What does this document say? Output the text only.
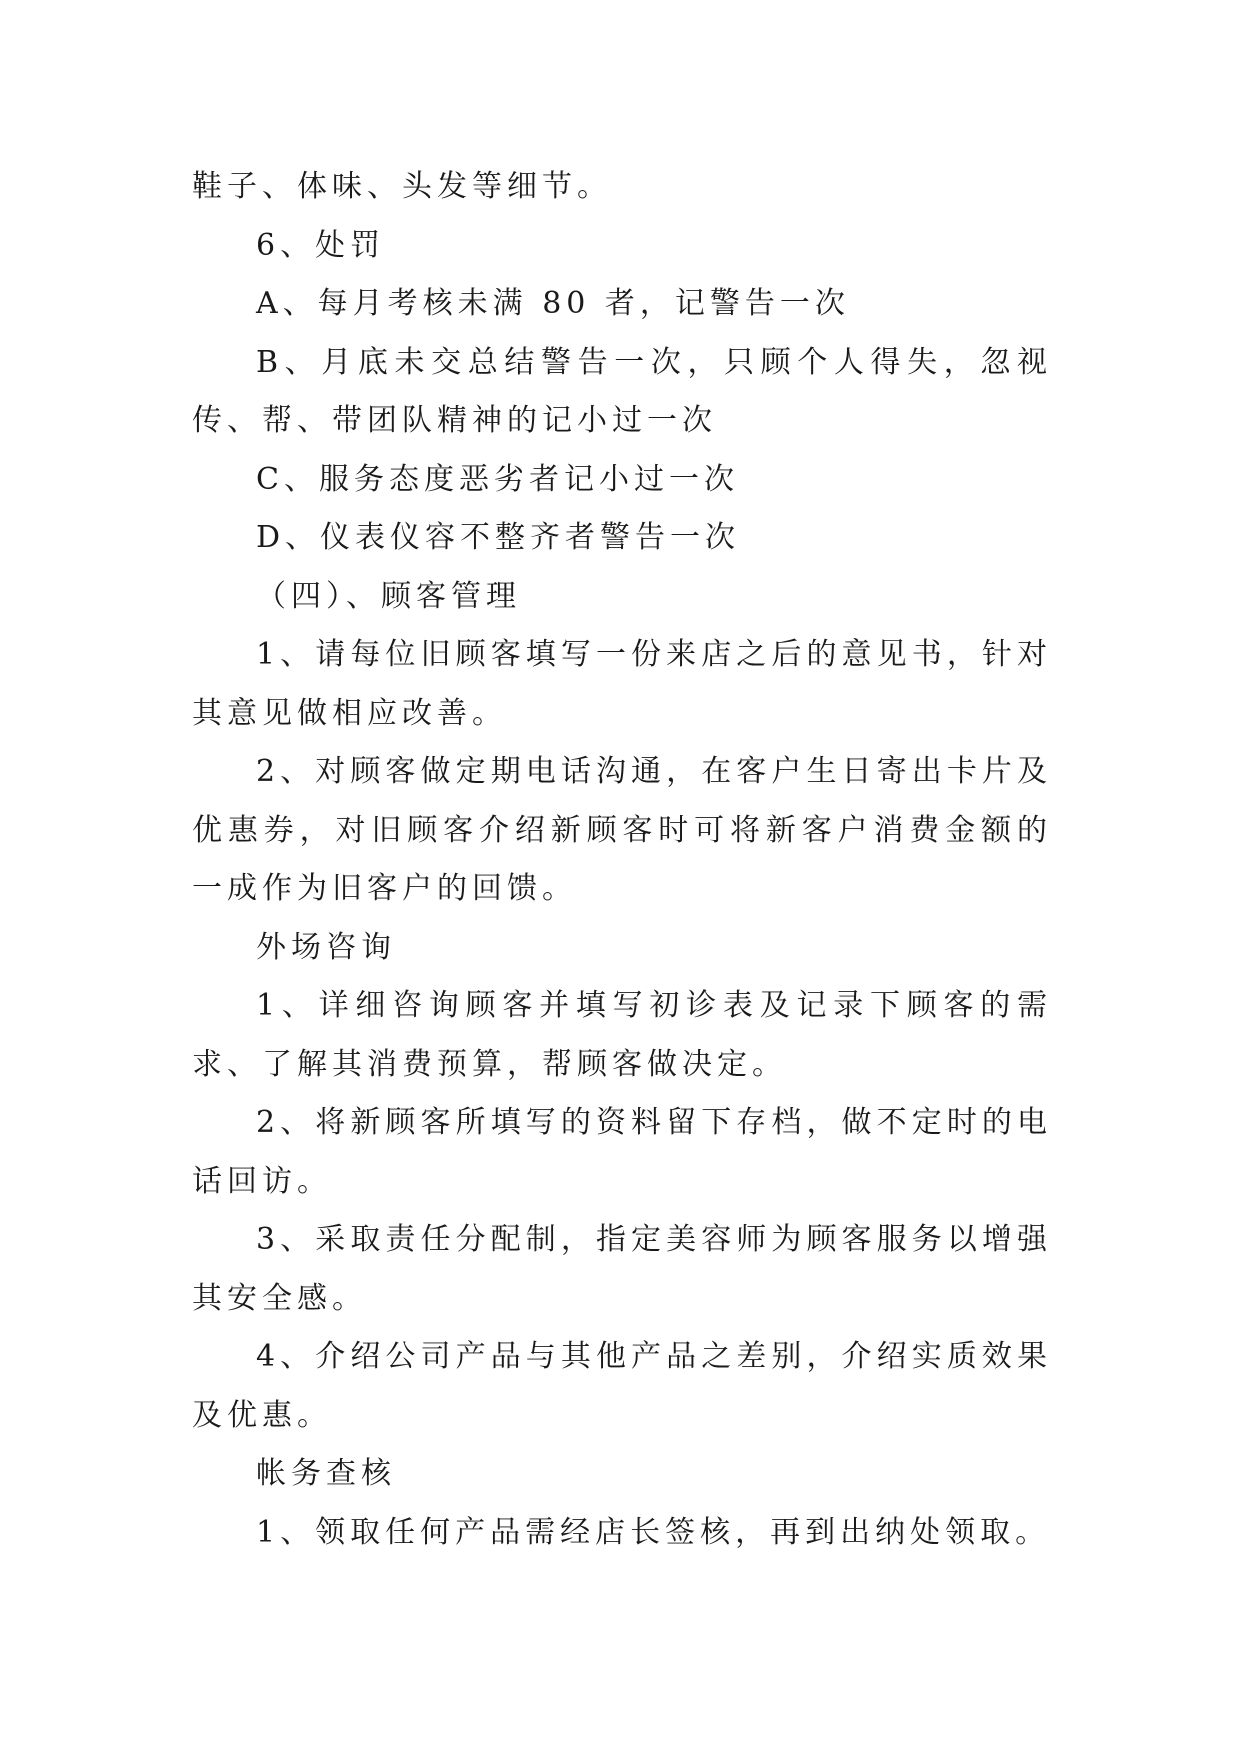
鞋子、体味、头发等细节。

6、处罚

A、每月考核未满 80 者，记警告一次

B、月底未交总结警告一次，只顾个人得失，忽视传、帮、带团队精神的记小过一次

C、服务态度恶劣者记小过一次

D、仪表仪容不整齐者警告一次

（四）、顾客管理

1、请每位旧顾客填写一份来店之后的意见书，针对其意见做相应改善。

2、对顾客做定期电话沟通，在客户生日寄出卡片及优惠券，对旧顾客介绍新顾客时可将新客户消费金额的一成作为旧客户的回馈。

外场咨询

1、详细咨询顾客并填写初诊表及记录下顾客的需求、了解其消费预算，帮顾客做决定。

2、将新顾客所填写的资料留下存档，做不定时的电话回访。

3、采取责任分配制，指定美容师为顾客服务以增强其安全感。

4、介绍公司产品与其他产品之差别，介绍实质效果及优惠。

帐务查核

1、领取任何产品需经店长签核，再到出纳处领取。
